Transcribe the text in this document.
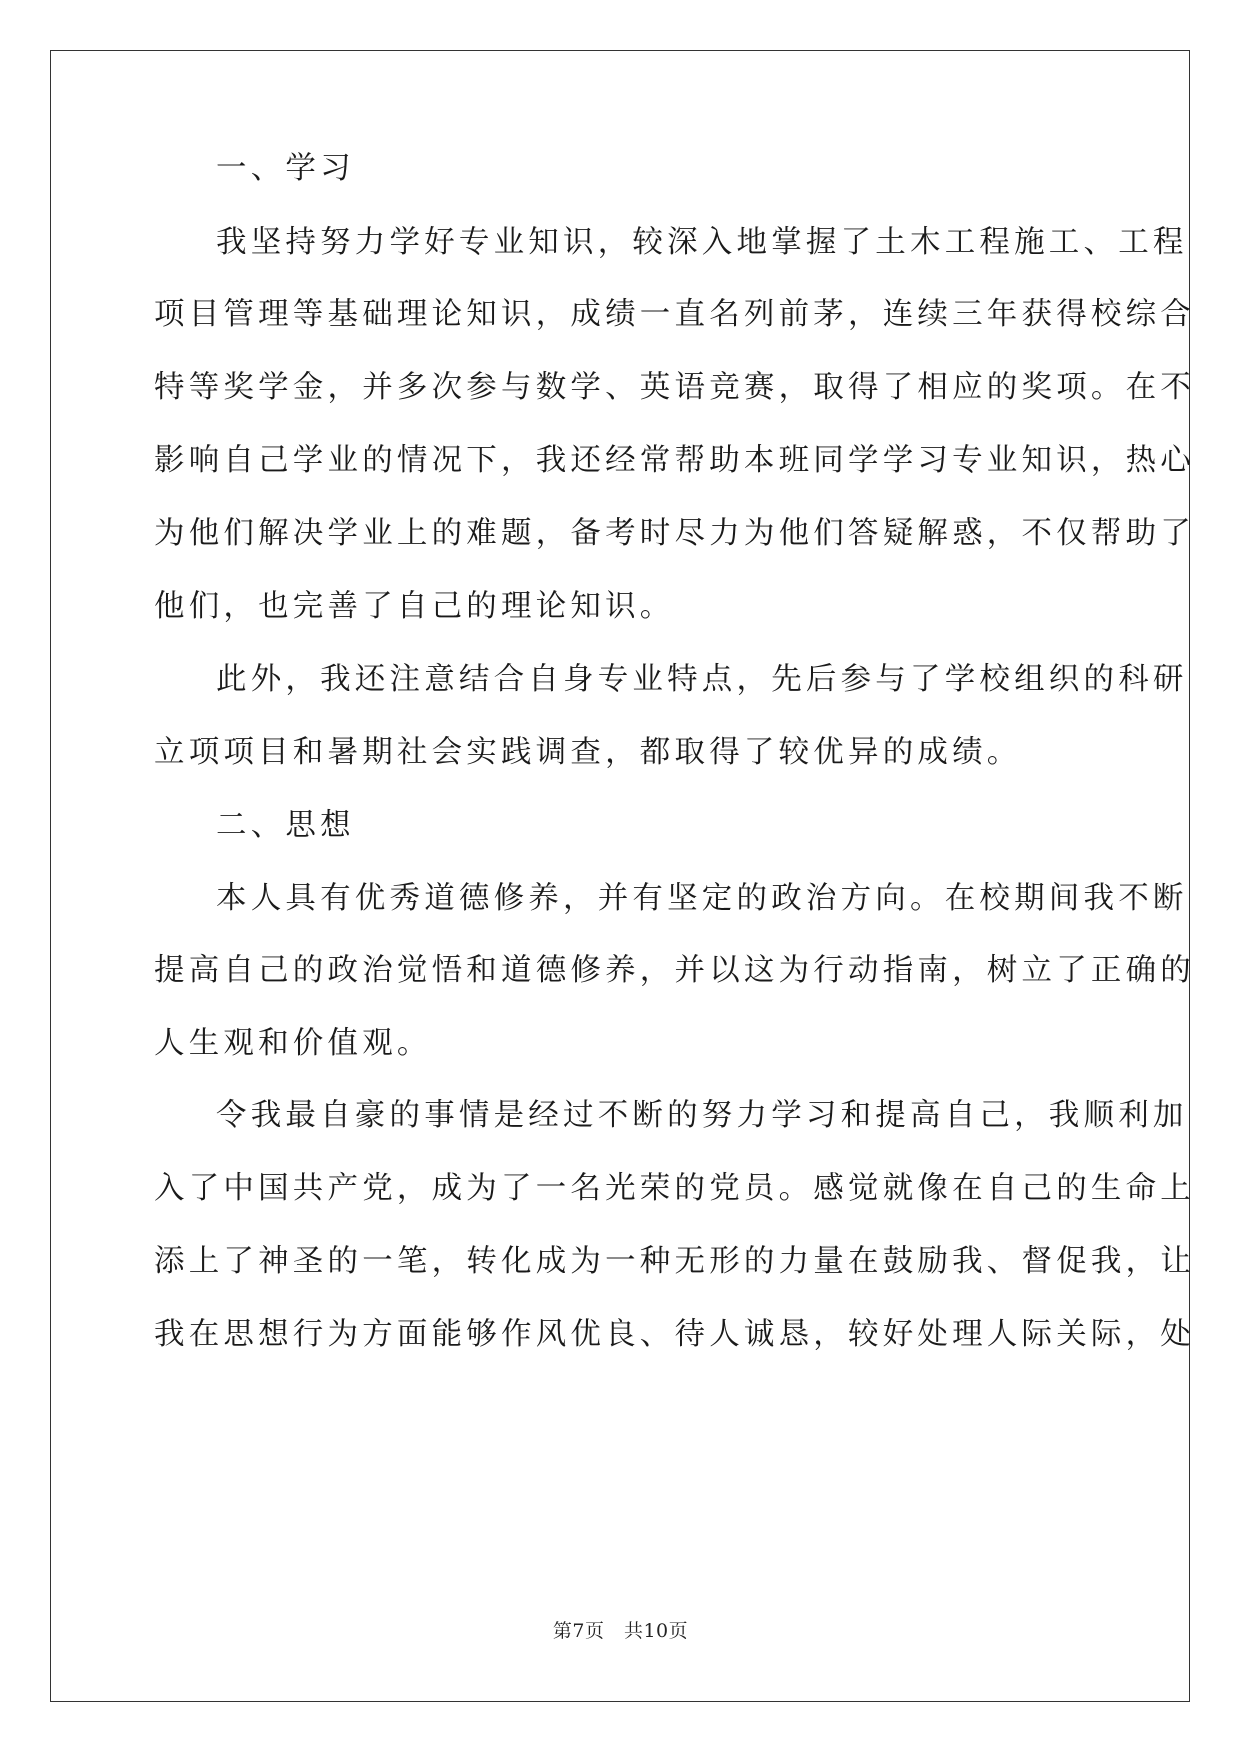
一、学习
我坚持努力学好专业知识，较深入地掌握了土木工程施工、工程
项目管理等基础理论知识，成绩一直名列前茅，连续三年获得校综合
特等奖学金，并多次参与数学、英语竞赛，取得了相应的奖项。在不
影响自己学业的情况下，我还经常帮助本班同学学习专业知识，热心
为他们解决学业上的难题，备考时尽力为他们答疑解惑，不仅帮助了
他们，也完善了自己的理论知识。
此外，我还注意结合自身专业特点，先后参与了学校组织的科研
立项项目和暑期社会实践调查，都取得了较优异的成绩。
二、思想
本人具有优秀道德修养，并有坚定的政治方向。在校期间我不断
提高自己的政治觉悟和道德修养，并以这为行动指南，树立了正确的
人生观和价值观。
令我最自豪的事情是经过不断的努力学习和提高自己，我顺利加
入了中国共产党，成为了一名光荣的党员。感觉就像在自己的生命上
添上了神圣的一笔，转化成为一种无形的力量在鼓励我、督促我，让
我在思想行为方面能够作风优良、待人诚恳，较好处理人际关际，处
第7页　共10页
